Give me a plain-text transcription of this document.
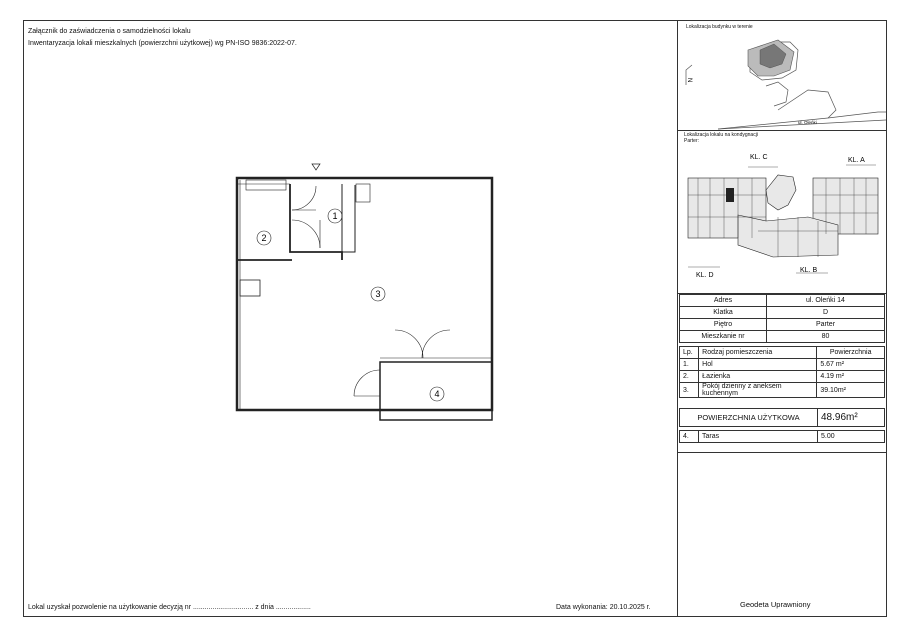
Załącznik do zaświadczenia o samodzielności lokalu
Inwentaryzacja lokali mieszkalnych (powierzchni użytkowej) wg PN-ISO 9836:2022-07.
Lokalizacja budynku w terenie
N
ul. Oleńki
Lokalizacja lokalu na kondygnacji
Parter:
KL. C	KL. A
KL. D
KL. B
1
2
3
4
Adres	ul. Oleńki 14
Klatka	D
Piętro	Parter
Mieszkanie nr	80
Lp.	Rodzaj pomieszczenia	Powierzchnia
1.	Hol	5.67 m²
2.	Łazienka	4.19 m²
3.	Pokój dzienny z aneksem kuchennym	39.10m²
POWIERZCHNIA UŻYTKOWA	48.96m²
4.	Taras	5.00
Lokal uzyskał pozwolenie na użytkowanie decyzją nr ............................... z dnia ..................	Data wykonania: 20.10.2025 r.	Geodeta Uprawniony
